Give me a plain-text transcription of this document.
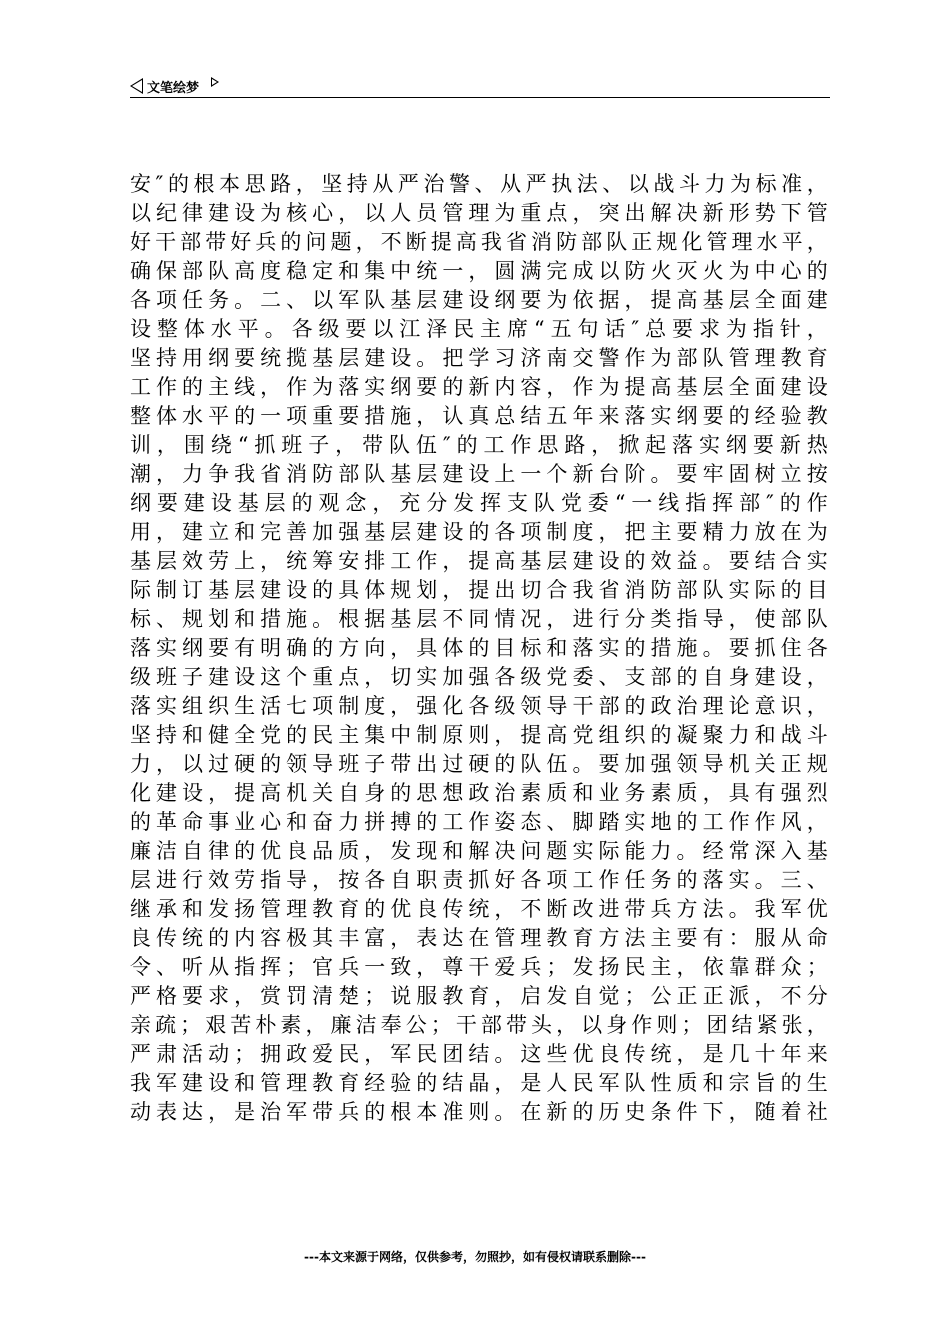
文笔绘梦
安″的根本思路，坚持从严治警、从严执法、以战斗力为标准，
以纪律建设为核心，以人员管理为重点，突出解决新形势下管
好干部带好兵的问题，不断提高我省消防部队正规化管理水平，
确保部队高度稳定和集中统一，圆满完成以防火灭火为中心的
各项任务。二、以军队基层建设纲要为依据，提高基层全面建
设整体水平。各级要以江泽民主席“五句话″总要求为指针，
坚持用纲要统揽基层建设。把学习济南交警作为部队管理教育
工作的主线，作为落实纲要的新内容，作为提高基层全面建设
整体水平的一项重要措施，认真总结五年来落实纲要的经验教
训，围绕“抓班子，带队伍″的工作思路，掀起落实纲要新热
潮，力争我省消防部队基层建设上一个新台阶。要牢固树立按
纲要建设基层的观念，充分发挥支队党委“一线指挥部″的作
用，建立和完善加强基层建设的各项制度，把主要精力放在为
基层效劳上，统筹安排工作，提高基层建设的效益。要结合实
际制订基层建设的具体规划，提出切合我省消防部队实际的目
标、规划和措施。根据基层不同情况，进行分类指导，使部队
落实纲要有明确的方向，具体的目标和落实的措施。要抓住各
级班子建设这个重点，切实加强各级党委、支部的自身建设，
落实组织生活七项制度，强化各级领导干部的政治理论意识，
坚持和健全党的民主集中制原则，提高党组织的凝聚力和战斗
力，以过硬的领导班子带出过硬的队伍。要加强领导机关正规
化建设，提高机关自身的思想政治素质和业务素质，具有强烈
的革命事业心和奋力拼搏的工作姿态、脚踏实地的工作作风，
廉洁自律的优良品质，发现和解决问题实际能力。经常深入基
层进行效劳指导，按各自职责抓好各项工作任务的落实。三、
继承和发扬管理教育的优良传统，不断改进带兵方法。我军优
良传统的内容极其丰富，表达在管理教育方法主要有：服从命
令、听从指挥；官兵一致，尊干爱兵；发扬民主，依靠群众；
严格要求，赏罚清楚；说服教育，启发自觉；公正正派，不分
亲疏；艰苦朴素，廉洁奉公；干部带头，以身作则；团结紧张，
严肃活动；拥政爱民，军民团结。这些优良传统，是几十年来
我军建设和管理教育经验的结晶，是人民军队性质和宗旨的生
动表达，是治军带兵的根本准则。在新的历史条件下，随着社
---本文来源于网络，仅供参考，勿照抄，如有侵权请联系删除---
